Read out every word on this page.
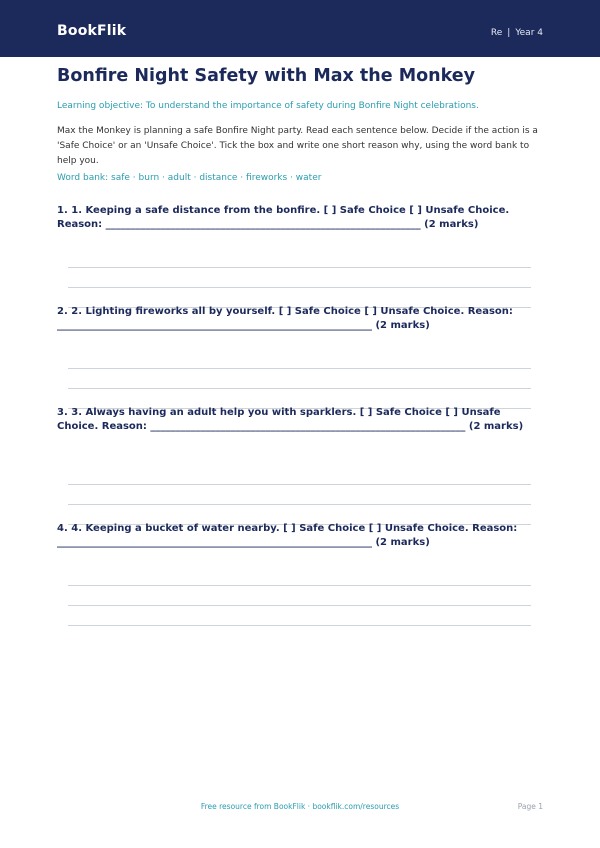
BookFlik	Re | Year 4
Bonfire Night Safety with Max the Monkey
Learning objective: To understand the importance of safety during Bonfire Night celebrations.
Max the Monkey is planning a safe Bonfire Night party. Read each sentence below. Decide if the action is a 'Safe Choice' or an 'Unsafe Choice'. Tick the box and write one short reason why, using the word bank to help you.
Word bank: safe · burn · adult · distance · fireworks · water
1. 1. Keeping a safe distance from the bonfire. [ ] Safe Choice [ ] Unsafe Choice. Reason: _______________________________________________________________ (2 marks)
2. 2. Lighting fireworks all by yourself. [ ] Safe Choice [ ] Unsafe Choice. Reason: _______________________________________________________________ (2 marks)
3. 3. Always having an adult help you with sparklers. [ ] Safe Choice [ ] Unsafe Choice. Reason: _______________________________________________________________ (2 marks)
4. 4. Keeping a bucket of water nearby. [ ] Safe Choice [ ] Unsafe Choice. Reason: _______________________________________________________________ (2 marks)
Free resource from BookFlik · bookflik.com/resources	Page 1
